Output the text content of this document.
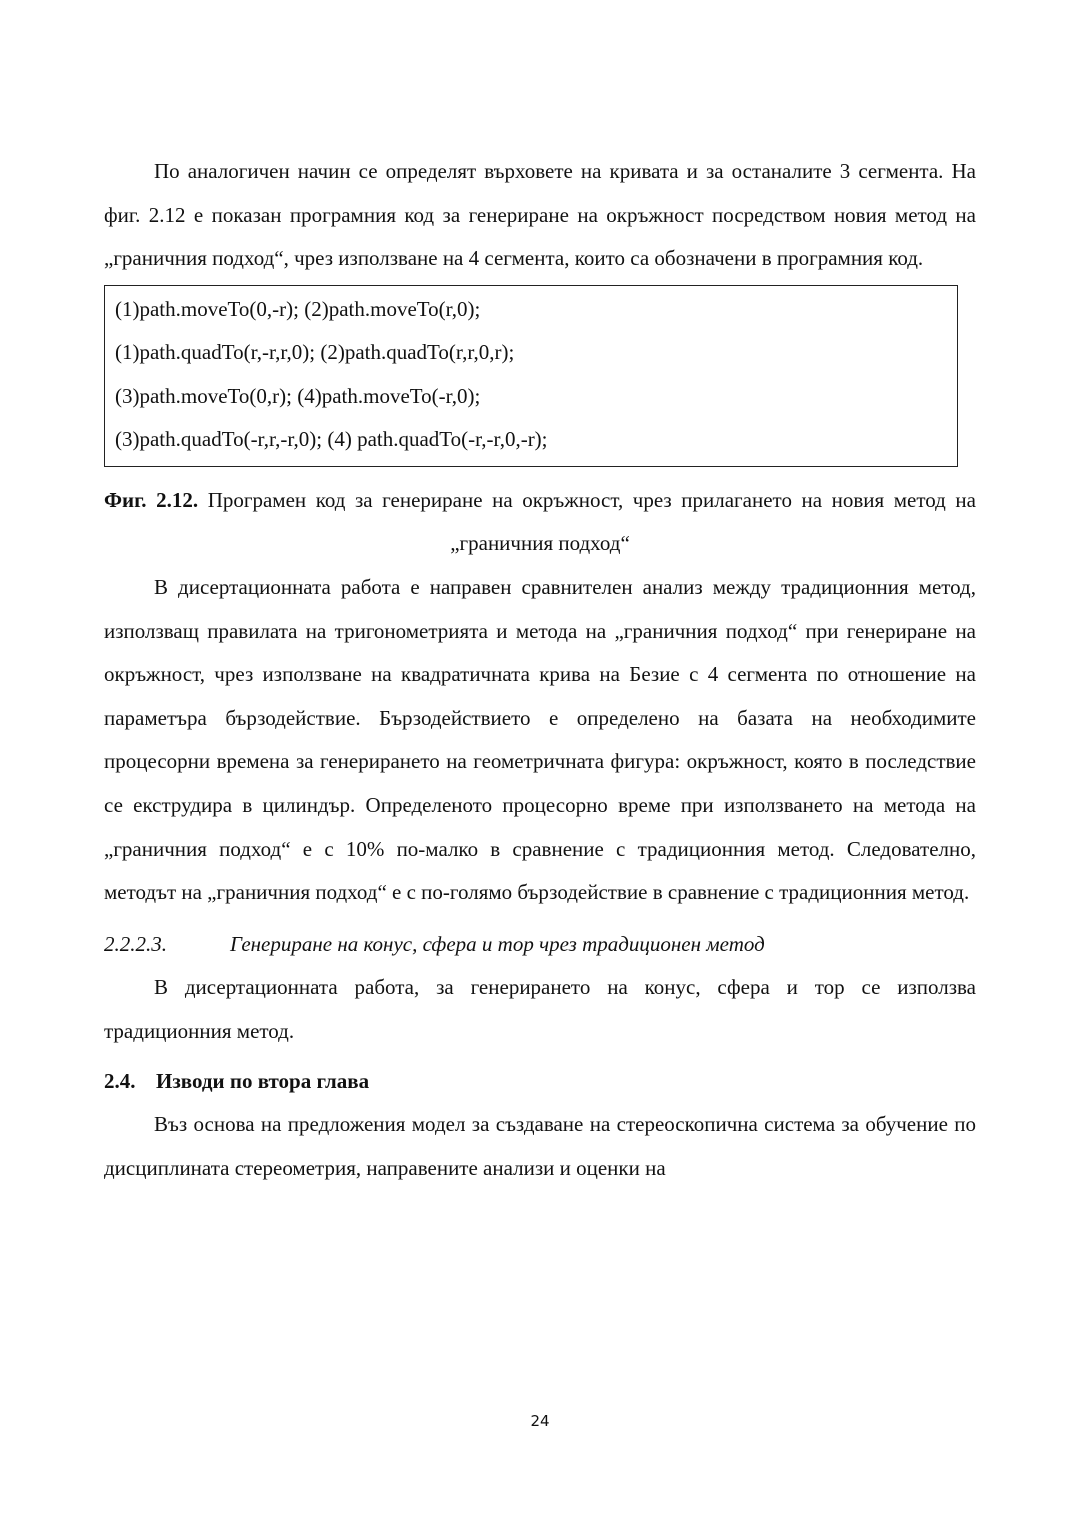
По аналогичен начин се определят върховете на кривата и за останалите 3 сегмента. На фиг. 2.12 е показан програмния код за генериране на окръжност посредством новия метод на „граничния подход“, чрез използване на 4 сегмента, които са обозначени в програмния код.

(1)path.moveTo(0,-r); (2)path.moveTo(r,0);
(1)path.quadTo(r,-r,r,0); (2)path.quadTo(r,r,0,r);
(3)path.moveTo(0,r); (4)path.moveTo(-r,0);
(3)path.quadTo(-r,r,-r,0); (4) path.quadTo(-r,-r,0,-r);
Фиг. 2.12. Програмен код за генериране на окръжност, чрез прилагането на новия метод на „граничния подход“

В дисертационната работа е направен сравнителен анализ между традиционния метод, използващ правилата на тригонометрията и метода на „граничния подход“ при генериране на окръжност, чрез използване на квадратичната крива на Безие с 4 сегмента по отношение на параметъра бързодействие. Бързодействието е определено на базата на необходимите процесорни времена за генерирането на геометричната фигура: окръжност, която в последствие се екструдира в цилиндър. Определеното процесорно време при използването на метода на „граничния подход“ е с 10% по-малко в сравнение с традиционния метод. Следователно, методът на „граничния подход“ е с по-голямо бързодействие в сравнение с традиционния метод.

2.2.2.3.	Генериране на конус, сфера и тор чрез традиционен метод

В дисертационната работа, за генерирането на конус, сфера и тор се използва традиционния метод.

2.4. Изводи по втора глава

Въз основа на предложения модел за създаване на стереоскопична система за обучение по дисциплината стереометрия, направените анализи и оценки на

24
